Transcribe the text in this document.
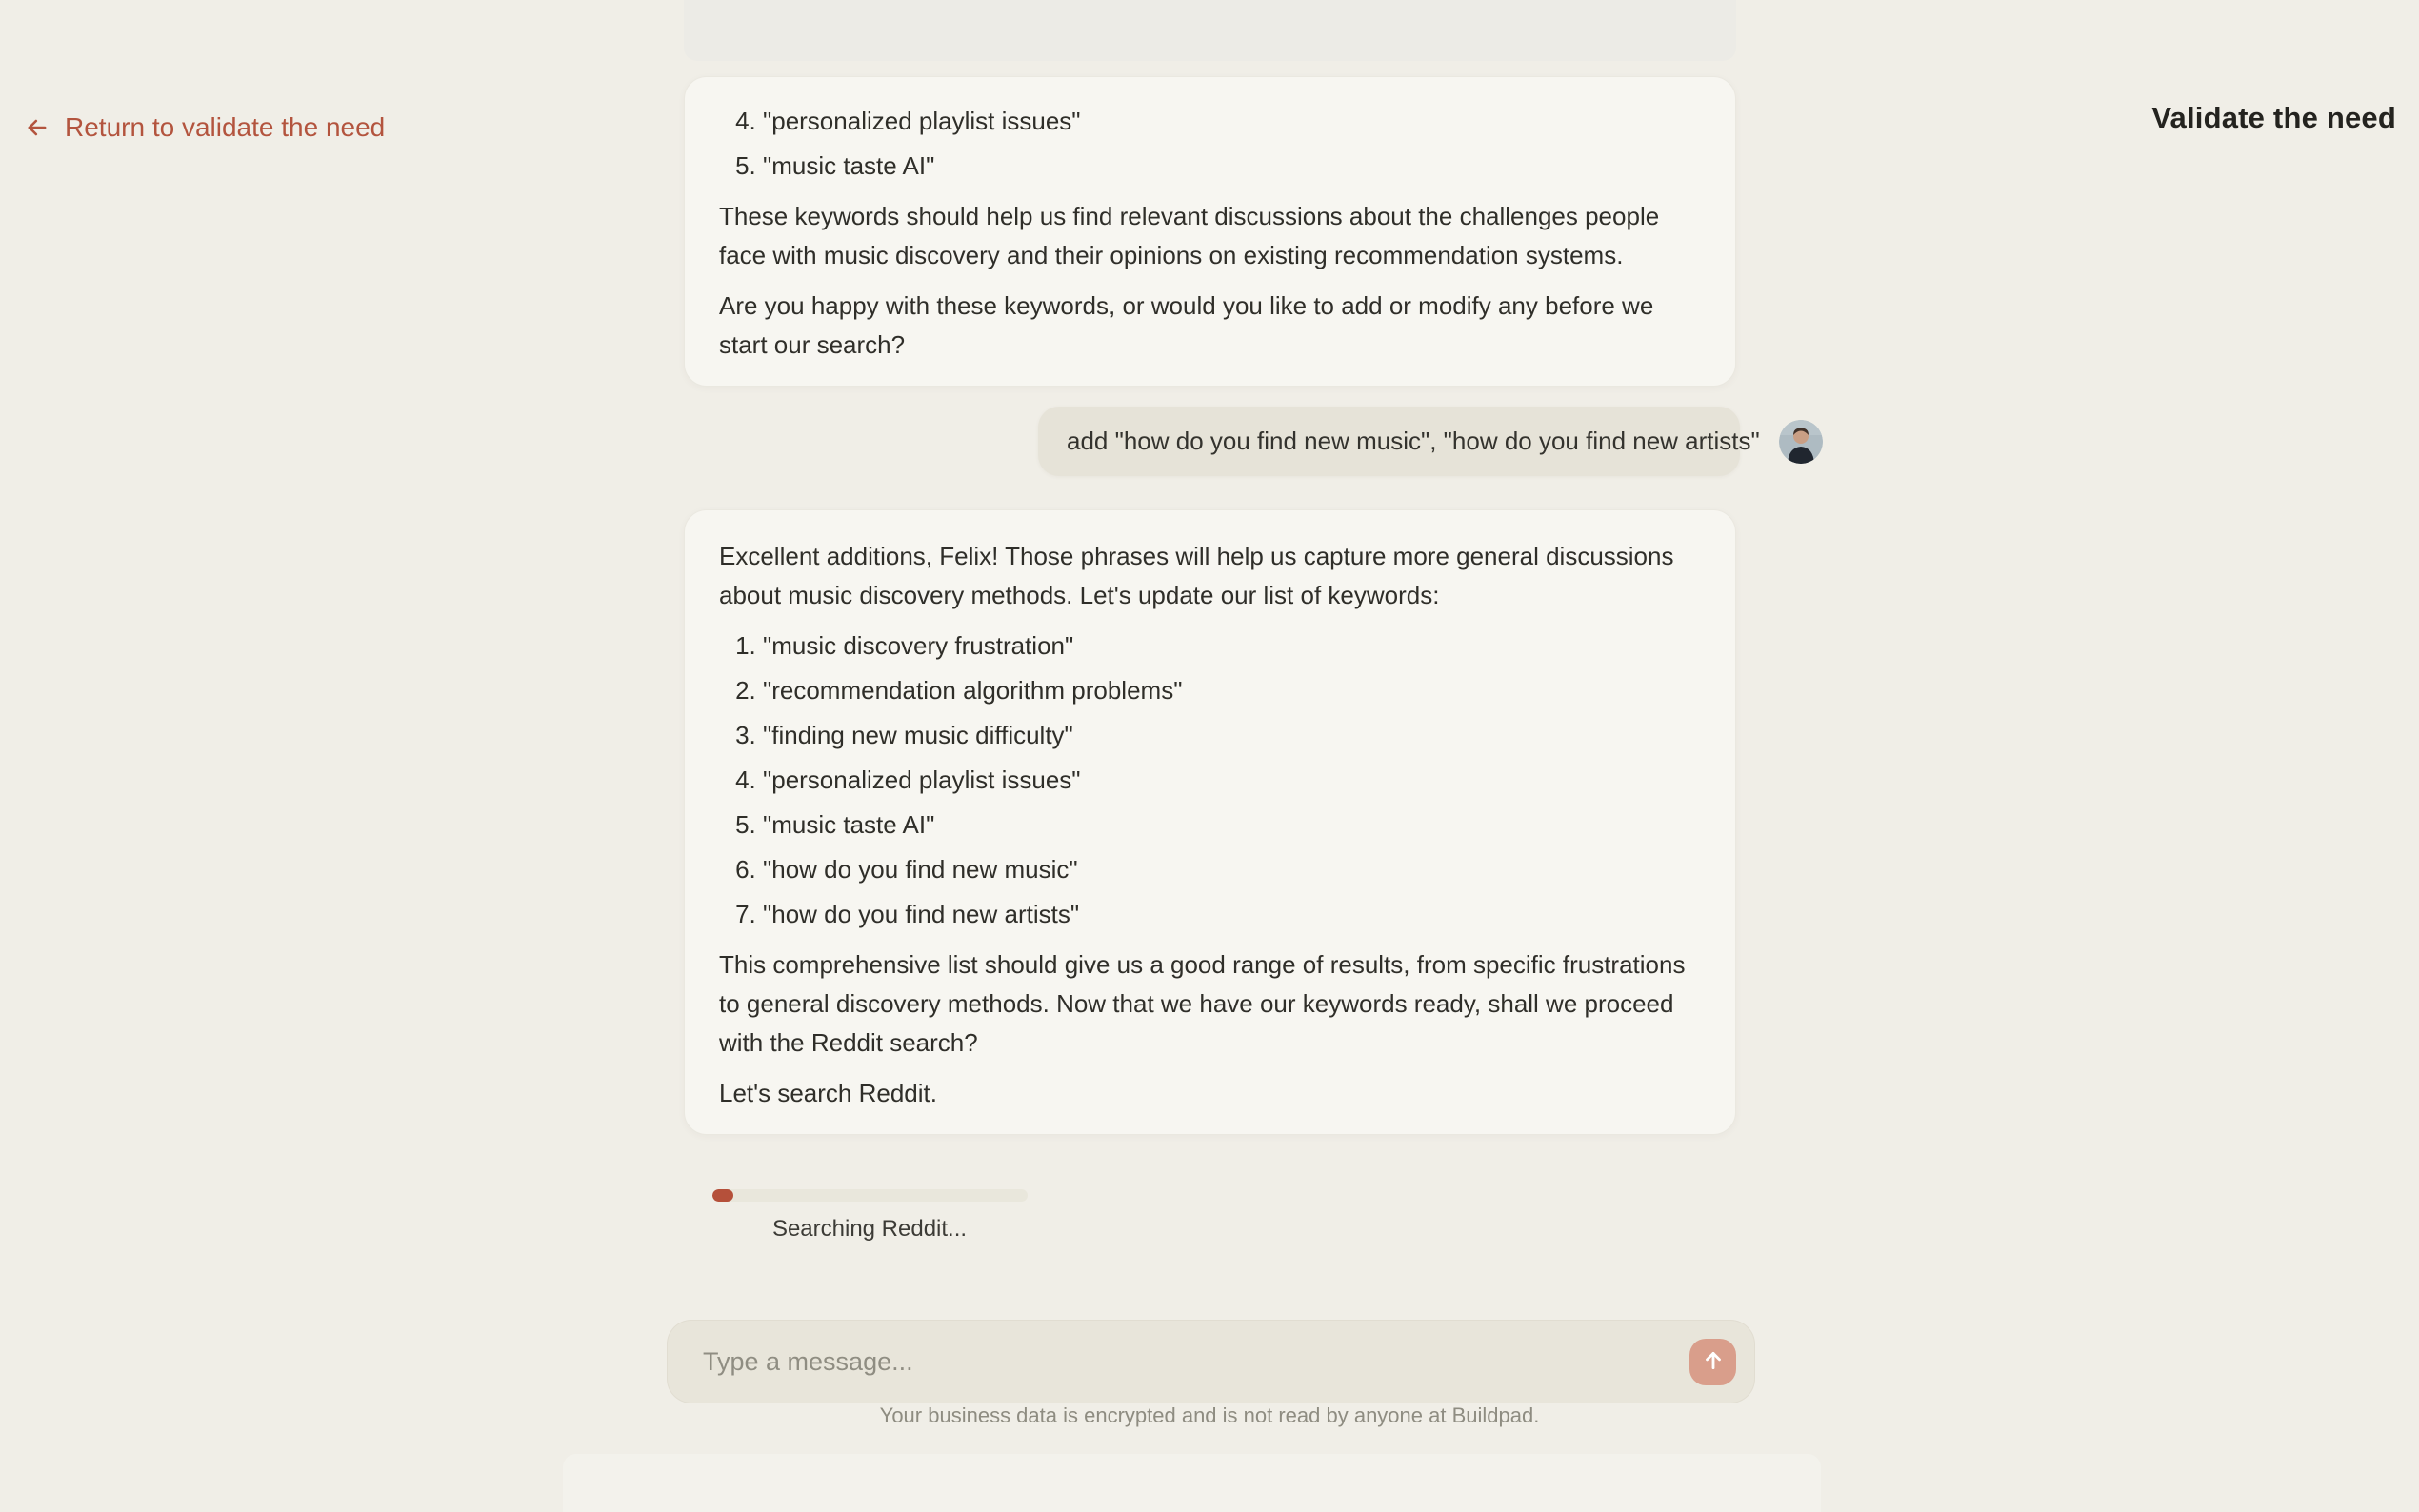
Return to validate the need	Validate the need
4. "personalized playlist issues"
5. "music taste AI"

These keywords should help us find relevant discussions about the challenges people face with music discovery and their opinions on existing recommendation systems.

Are you happy with these keywords, or would you like to add or modify any before we start our search?

add "how do you find new music", "how do you find new artists"

Excellent additions, Felix! Those phrases will help us capture more general discussions about music discovery methods. Let's update our list of keywords:

1. "music discovery frustration"
2. "recommendation algorithm problems"
3. "finding new music difficulty"
4. "personalized playlist issues"
5. "music taste AI"
6. "how do you find new music"
7. "how do you find new artists"

This comprehensive list should give us a good range of results, from specific frustrations to general discovery methods. Now that we have our keywords ready, shall we proceed with the Reddit search?

Let's search Reddit.

Searching Reddit...
Type a message...
Your business data is encrypted and is not read by anyone at Buildpad.
